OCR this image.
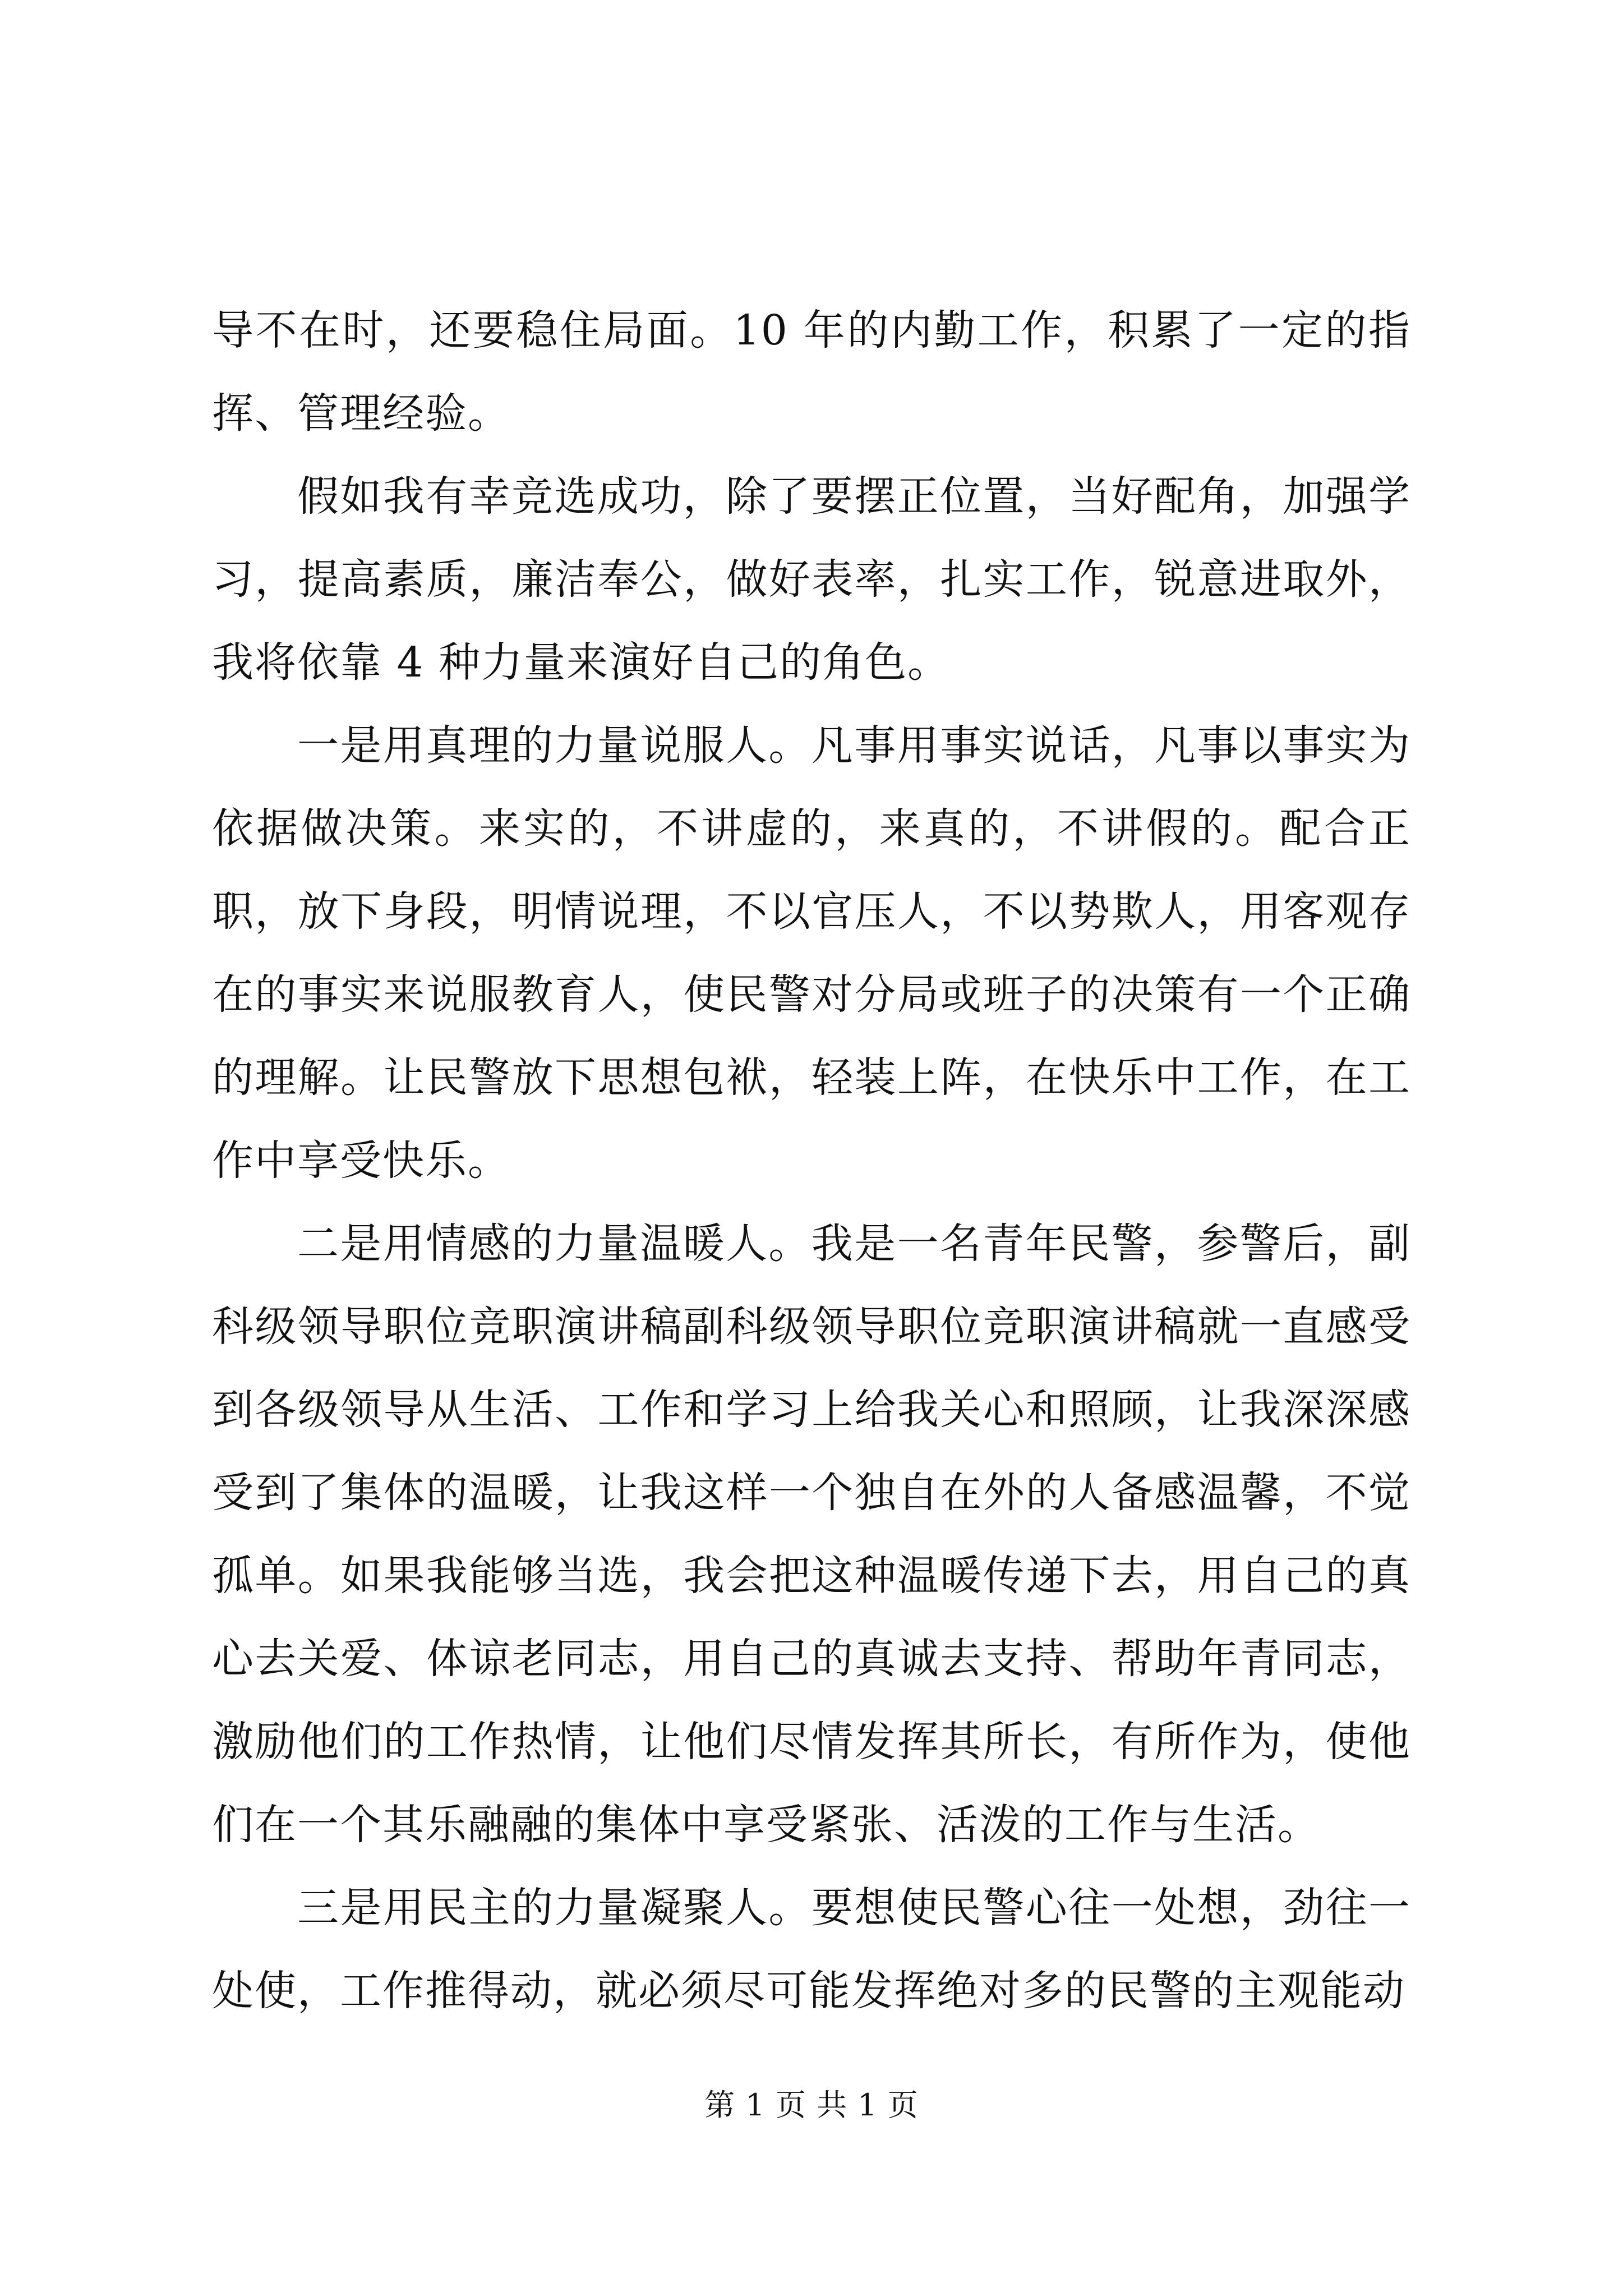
导不在时，还要稳住局面。10 年的内勤工作，积累了一定的指挥、管理经验。

假如我有幸竞选成功，除了要摆正位置，当好配角，加强学习，提高素质，廉洁奉公，做好表率，扎实工作，锐意进取外，我将依靠 4 种力量来演好自己的角色。

一是用真理的力量说服人。凡事用事实说话，凡事以事实为依据做决策。来实的，不讲虚的，来真的，不讲假的。配合正职，放下身段，明情说理，不以官压人，不以势欺人，用客观存在的事实来说服教育人，使民警对分局或班子的决策有一个正确的理解。让民警放下思想包袱，轻装上阵，在快乐中工作，在工作中享受快乐。

二是用情感的力量温暖人。我是一名青年民警，参警后，副科级领导职位竞职演讲稿副科级领导职位竞职演讲稿就一直感受到各级领导从生活、工作和学习上给我关心和照顾，让我深深感受到了集体的温暖，让我这样一个独自在外的人备感温馨，不觉孤单。如果我能够当选，我会把这种温暖传递下去，用自己的真心去关爱、体谅老同志，用自己的真诚去支持、帮助年青同志，激励他们的工作热情，让他们尽情发挥其所长，有所作为，使他们在一个其乐融融的集体中享受紧张、活泼的工作与生活。

三是用民主的力量凝聚人。要想使民警心往一处想，劲往一处使，工作推得动，就必须尽可能发挥绝对多的民警的主观能动

第 1 页 共 1 页
